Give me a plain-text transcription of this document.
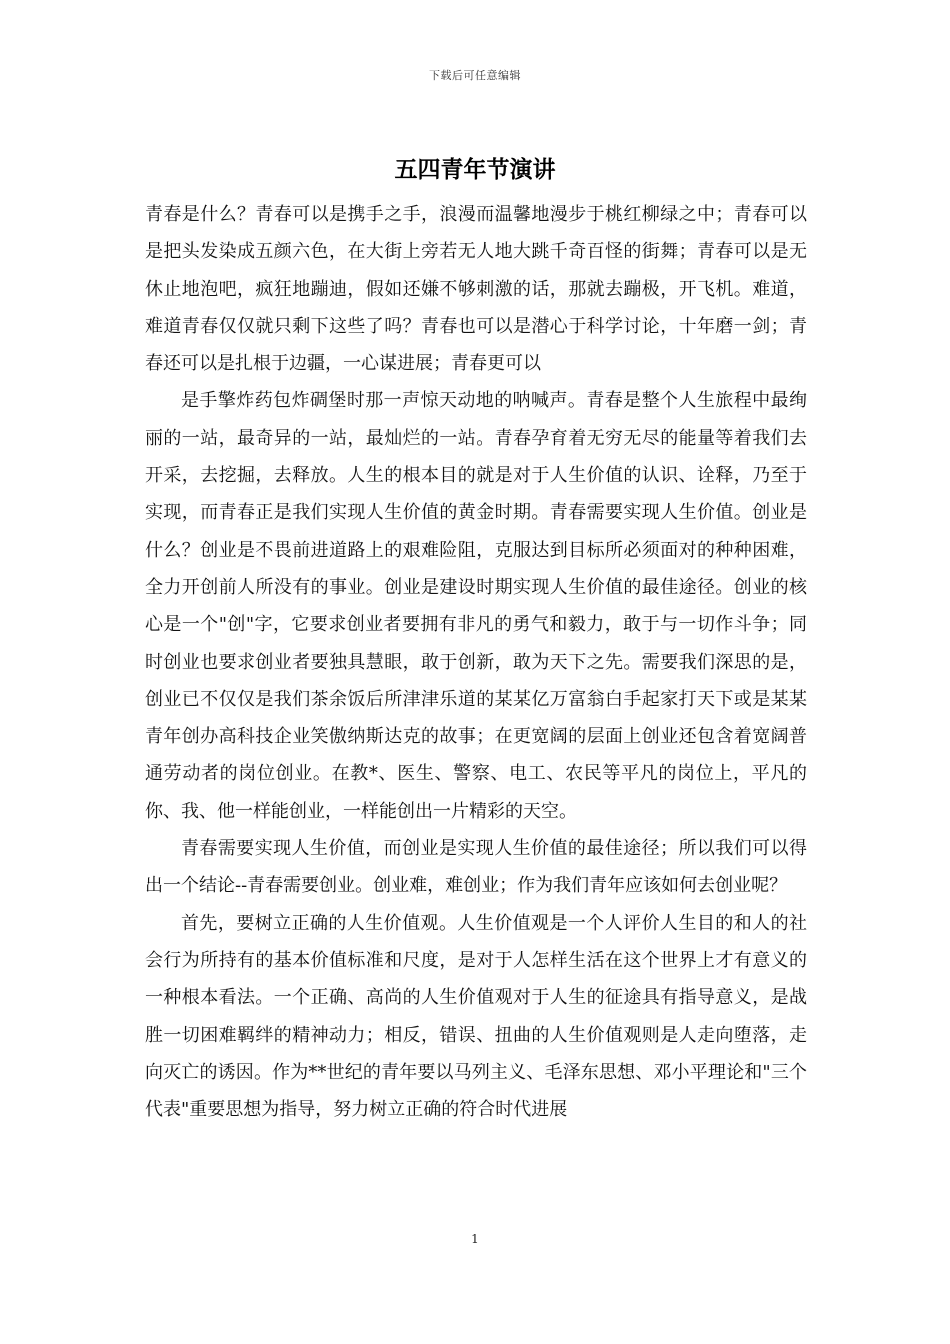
下载后可任意编辑
五四青年节演讲

青春是什么？青春可以是携手之手，浪漫而温馨地漫步于桃红柳绿之中；青春可以是把头发染成五颜六色，在大街上旁若无人地大跳千奇百怪的街舞；青春可以是无休止地泡吧，疯狂地蹦迪，假如还嫌不够刺激的话，那就去蹦极，开飞机。难道，难道青春仅仅就只剩下这些了吗？青春也可以是潜心于科学讨论，十年磨一剑；青春还可以是扎根于边疆，一心谋进展；青春更可以

是手擎炸药包炸碉堡时那一声惊天动地的呐喊声。青春是整个人生旅程中最绚丽的一站，最奇异的一站，最灿烂的一站。青春孕育着无穷无尽的能量等着我们去开采，去挖掘，去释放。人生的根本目的就是对于人生价值的认识、诠释，乃至于实现，而青春正是我们实现人生价值的黄金时期。青春需要实现人生价值。创业是什么？创业是不畏前进道路上的艰难险阻，克服达到目标所必须面对的种种困难，全力开创前人所没有的事业。创业是建设时期实现人生价值的最佳途径。创业的核心是一个"创"字，它要求创业者要拥有非凡的勇气和毅力，敢于与一切作斗争；同时创业也要求创业者要独具慧眼，敢于创新，敢为天下之先。需要我们深思的是，创业已不仅仅是我们茶余饭后所津津乐道的某某亿万富翁白手起家打天下或是某某青年创办高科技企业笑傲纳斯达克的故事；在更宽阔的层面上创业还包含着宽阔普通劳动者的岗位创业。在教*、医生、警察、电工、农民等平凡的岗位上，平凡的你、我、他一样能创业，一样能创出一片精彩的天空。

青春需要实现人生价值，而创业是实现人生价值的最佳途径；所以我们可以得出一个结论--青春需要创业。创业难，难创业；作为我们青年应该如何去创业呢？

首先，要树立正确的人生价值观。人生价值观是一个人评价人生目的和人的社会行为所持有的基本价值标准和尺度，是对于人怎样生活在这个世界上才有意义的一种根本看法。一个正确、高尚的人生价值观对于人生的征途具有指导意义，是战胜一切困难羁绊的精神动力；相反，错误、扭曲的人生价值观则是人走向堕落，走向灭亡的诱因。作为**世纪的青年要以马列主义、毛泽东思想、邓小平理论和"三个代表"重要思想为指导，努力树立正确的符合时代进展

1
